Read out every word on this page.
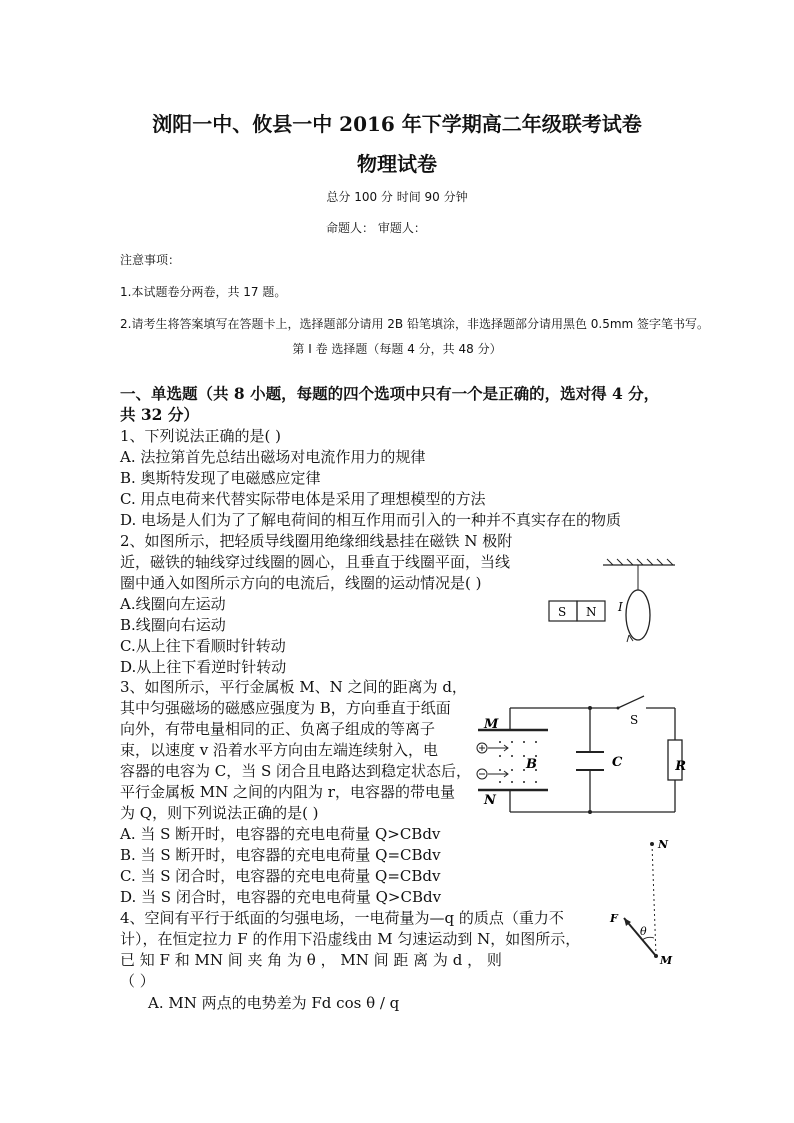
浏阳一中、攸县一中 2016 年下学期高二年级联考试卷
物理试卷
总分 100 分 时间 90 分钟
命题人： 审题人：
注意事项：
1.本试题卷分两卷，共 17 题。
2.请考生将答案填写在答题卡上，选择题部分请用 2B 铅笔填涂，非选择题部分请用黑色 0.5mm 签字笔书写。
第 I 卷 选择题（每题 4 分，共 48 分）
一、单选题（共 8 小题，每题的四个选项中只有一个是正确的，选对得 4 分，
共 32 分）
1、下列说法正确的是( )
A. 法拉第首先总结出磁场对电流作用力的规律
B. 奥斯特发现了电磁感应定律
C. 用点电荷来代替实际带电体是采用了理想模型的方法
D. 电场是人们为了了解电荷间的相互作用而引入的一种并不真实存在的物质
2、如图所示，把轻质导线圈用绝缘细线悬挂在磁铁 N 极附
近，磁铁的轴线穿过线圈的圆心，且垂直于线圈平面，当线
圈中通入如图所示方向的电流后，线圈的运动情况是( )
A.线圈向左运动
B.线圈向右运动
C.从上往下看顺时针转动
D.从上往下看逆时针转动
S N I
3、如图所示，平行金属板 M、N 之间的距离为 d，
其中匀强磁场的磁感应强度为 B，方向垂直于纸面
向外，有带电量相同的正、负离子组成的等离子
束，以速度 v 沿着水平方向由左端连续射入，电
容器的电容为 C，当 S 闭合且电路达到稳定状态后，
平行金属板 MN 之间的内阻为 r，电容器的带电量
为 Q，则下列说法正确的是( )
A. 当 S 断开时，电容器的充电电荷量 Q>CBdv
B. 当 S 断开时，电容器的充电电荷量 Q=CBdv
C. 当 S 闭合时，电容器的充电电荷量 Q=CBdv
D. 当 S 闭合时，电容器的充电电荷量 Q>CBdv
M
N
B	C	R
S
4、空间有平行于纸面的匀强电场，一电荷量为—q 的质点（重力不
计），在恒定拉力 F 的作用下沿虚线由 M 匀速运动到 N，如图所示，
已 知 F 和 MN 间 夹 角 为 θ ， MN 间 距 离 为 d ， 则
（ ）
A. MN 两点的电势差为 Fd cos θ / q
N
F
θ
M
